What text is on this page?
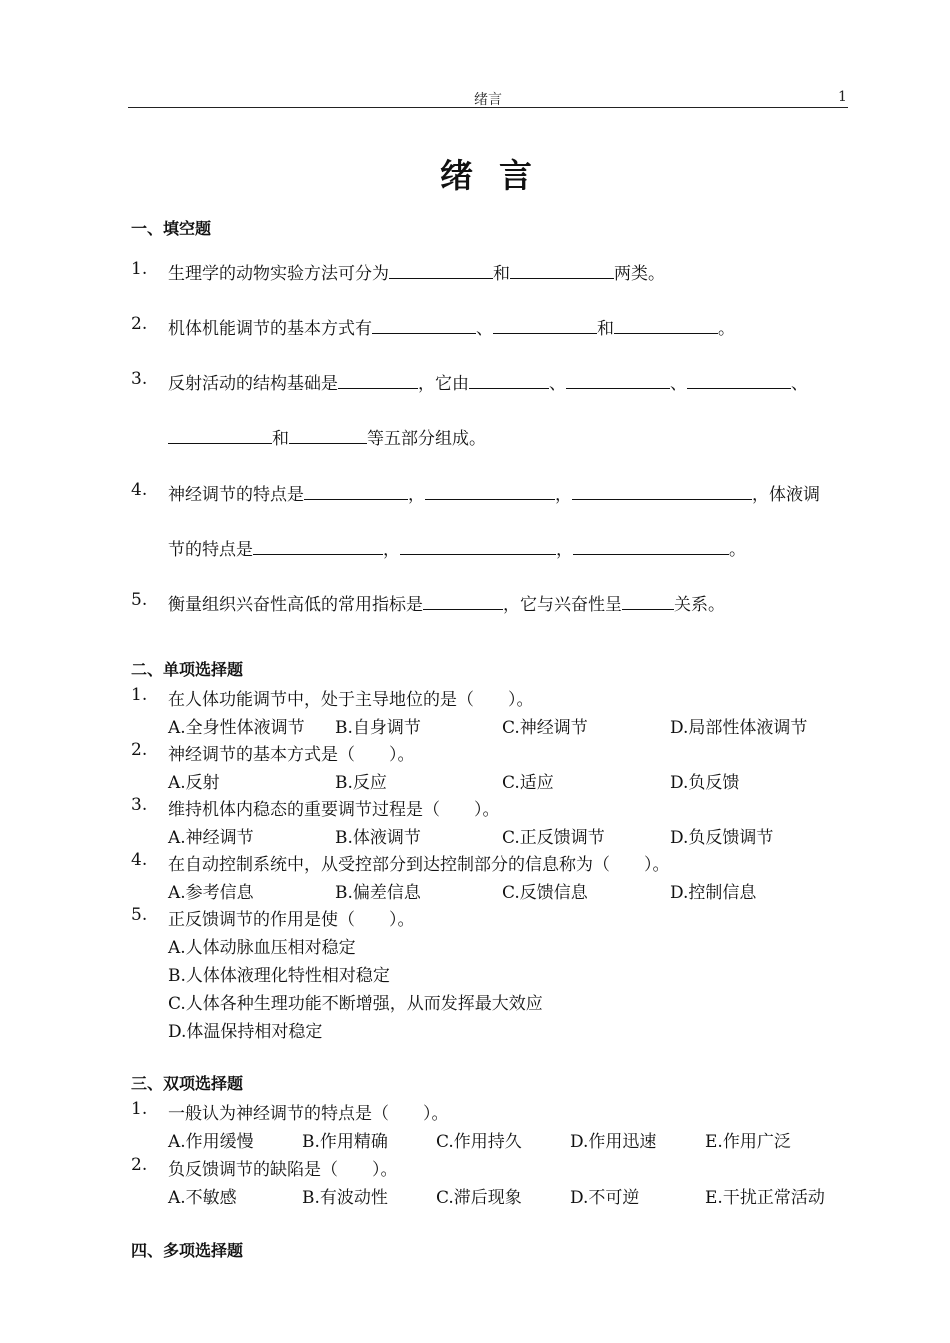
绪言	1
绪言
一、填空题
1. 生理学的动物实验方法可分为	和	两类。
2. 机体机能调节的基本方式有	、	和	。
3. 反射活动的结构基础是	，它由	、	、	、
和	等五部分组成。
4. 神经调节的特点是	，	，	，体液调
节的特点是	，	，	。
5. 衡量组织兴奋性高低的常用指标是	，它与兴奋性呈	关系。
二、单项选择题
1. 在人体功能调节中，处于主导地位的是（　　）。
A.全身性体液调节 B.自身调节	C.神经调节	D.局部性体液调节
2. 神经调节的基本方式是（　　）。
A.反射	B.反应	C.适应	D.负反馈
3. 维持机体内稳态的重要调节过程是（　　）。
A.神经调节	B.体液调节	C.正反馈调节	D.负反馈调节
4. 在自动控制系统中，从受控部分到达控制部分的信息称为（　　）。
A.参考信息	B.偏差信息	C.反馈信息	D.控制信息
5. 正反馈调节的作用是使（　　）。
A.人体动脉血压相对稳定
B.人体体液理化特性相对稳定
C.人体各种生理功能不断增强，从而发挥最大效应
D.体温保持相对稳定
三、双项选择题
1. 一般认为神经调节的特点是（　　）。
A.作用缓慢	B.作用精确	C.作用持久	D.作用迅速	E.作用广泛
2. 负反馈调节的缺陷是（　　）。
A.不敏感	B.有波动性	C.滞后现象	D.不可逆	E.干扰正常活动
四、多项选择题
